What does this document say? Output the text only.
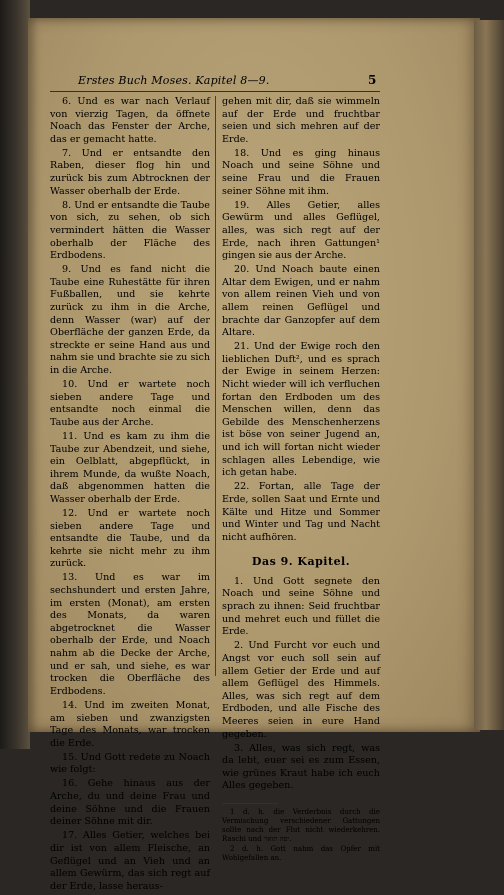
Erstes Buch Moses. Kapitel 8—9.	5

6. Und es war nach Verlauf von vierzig Tagen, da öffnete Noach das Fenster der Arche, das er gemacht hatte.

7. Und er entsandte den Raben, dieser flog hin und zurück bis zum Abtrocknen der Wasser oberhalb der Erde.

8. Und er entsandte die Taube von sich, zu sehen, ob sich vermindert hätten die Wasser oberhalb der Fläche des Erdbodens.

9. Und es fand nicht die Taube eine Ruhestätte für ihren Fußballen, und sie kehrte zurück zu ihm in die Arche, denn Wasser (war) auf der Oberfläche der ganzen Erde, da streckte er seine Hand aus und nahm sie und brachte sie zu sich in die Arche.

10. Und er wartete noch sieben andere Tage und entsandte noch einmal die Taube aus der Arche.

11. Und es kam zu ihm die Taube zur Abendzeit, und siehe, ein Oelblatt, abgepflückt, in ihrem Munde, da wußte Noach, daß abgenommen hatten die Wasser oberhalb der Erde.

12. Und er wartete noch sieben andere Tage und entsandte die Taube, und da kehrte sie nicht mehr zu ihm zurück.

13. Und es war im sechshundert und ersten Jahre, im ersten (Monat), am ersten des Monats, da waren abgetrocknet die Wasser oberhalb der Erde, und Noach nahm ab die Decke der Arche, und er sah, und siehe, es war trocken die Oberfläche des Erdbodens.

14. Und im zweiten Monat, am sieben und zwanzigsten Tage des Monats, war trocken die Erde.

15. Und Gott redete zu Noach wie folgt:

16. Gehe hinaus aus der Arche, du und deine Frau und deine Söhne und die Frauen deiner Söhne mit dir.

17. Alles Getier, welches bei dir ist von allem Fleische, an Geflügel und an Vieh und an allem Gewürm, das sich regt auf der Erde, lasse heraus-

gehen mit dir, daß sie wimmeln auf der Erde und fruchtbar seien und sich mehren auf der Erde.

18. Und es ging hinaus Noach und seine Söhne und seine Frau und die Frauen seiner Söhne mit ihm.

19. Alles Getier, alles Gewürm und alles Geflügel, alles, was sich regt auf der Erde, nach ihren Gattungen¹ gingen sie aus der Arche.

20. Und Noach baute einen Altar dem Ewigen, und er nahm von allem reinen Vieh und von allem reinen Geflügel und brachte dar Ganzopfer auf dem Altare.

21. Und der Ewige roch den lieblichen Duft², und es sprach der Ewige in seinem Herzen: Nicht wieder will ich verfluchen fortan den Erdboden um des Menschen willen, denn das Gebilde des Menschenherzens ist böse von seiner Jugend an, und ich will fortan nicht wieder schlagen alles Lebendige, wie ich getan habe.

22. Fortan, alle Tage der Erde, sollen Saat und Ernte und Kälte und Hitze und Sommer und Winter und Tag und Nacht nicht aufhören.

Das 9. Kapitel.

1. Und Gott segnete den Noach und seine Söhne und sprach zu ihnen: Seid fruchtbar und mehret euch und füllet die Erde.

2. Und Furcht vor euch und Angst vor euch soll sein auf allem Getier der Erde und auf allem Geflügel des Himmels. Alles, was sich regt auf dem Erdboden, und alle Fische des Meeres seien in eure Hand gegeben.

3. Alles, was sich regt, was da lebt, euer sei es zum Essen, wie grünes Kraut habe ich euch Alles gegeben.

1 d. h. die Verderbnis durch die Vermischung verschiedener Gattungen sollte nach der Flut nicht wiederkehren. Raschi und יפה תואר.

2 d. h. Gott nahm das Opfer mit Wohlgefallen an.
